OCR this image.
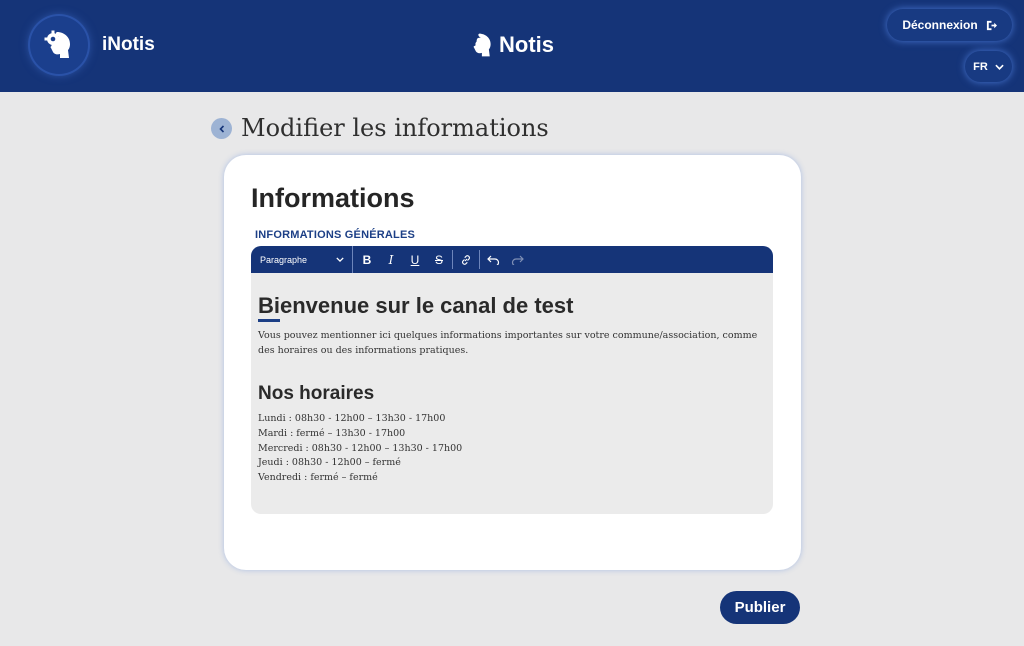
iNotis	Notis
Déconnexion
FR
Modifier les informations
Informations
INFORMATIONS GÉNÉRALES
Paragraphe	B	I	U	S
Bienvenue sur le canal de test
Vous pouvez mentionner ici quelques informations importantes sur votre commune/association, comme des horaires ou des informations pratiques.
Nos horaires
Lundi : 08h30 - 12h00 – 13h30 - 17h00
Mardi : fermé – 13h30 - 17h00
Mercredi : 08h30 - 12h00 – 13h30 - 17h00
Jeudi : 08h30 - 12h00 – fermé
Vendredi : fermé – fermé
Publier
